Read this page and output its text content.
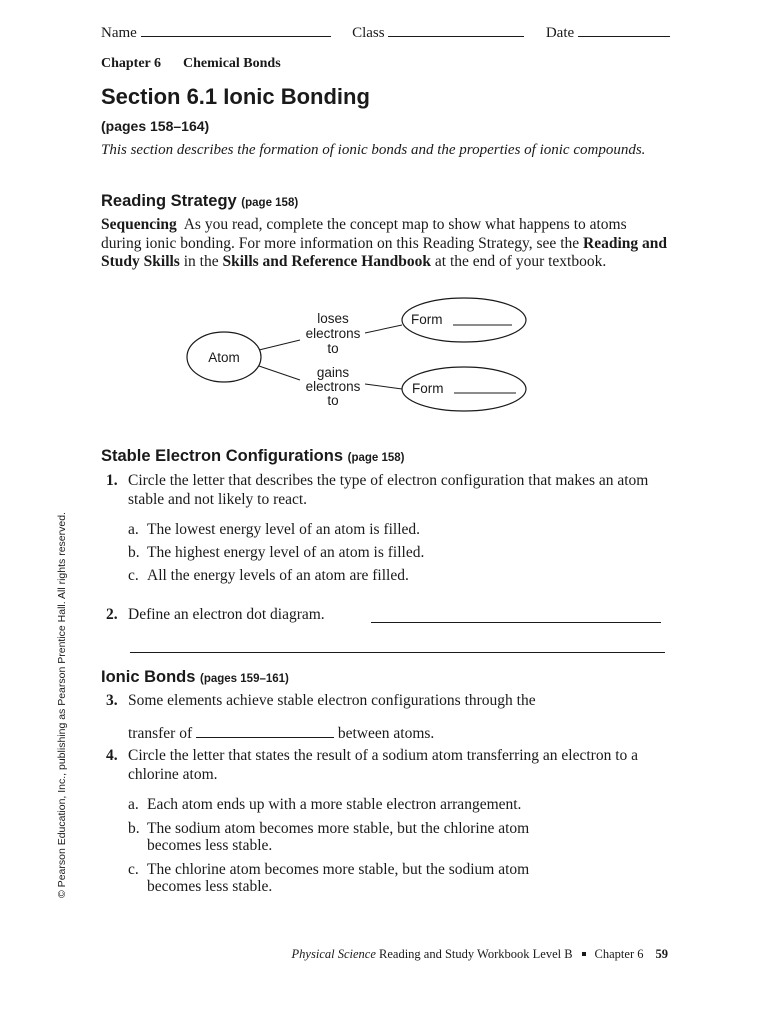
Name	Class	Date
Chapter 6 Chemical Bonds
Section 6.1 Ionic Bonding
(pages 158–164)
This section describes the formation of ionic bonds and the properties of ionic compounds.
Reading Strategy (page 158)
Sequencing As you read, complete the concept map to show what happens to atoms during ionic bonding. For more information on this Reading Strategy, see the Reading and Study Skills in the Skills and Reference Handbook at the end of your textbook.
Atom
loses
electrons
to
gains
electrons
to
Form
Form
Stable Electron Configurations (page 158)
1. Circle the letter that describes the type of electron configuration that makes an atom stable and not likely to react.
a. The lowest energy level of an atom is filled.
b. The highest energy level of an atom is filled.
c. All the energy levels of an atom are filled.
2. Define an electron dot diagram.
Ionic Bonds (pages 159–161)
3. Some elements achieve stable electron configurations through the
transfer of	between atoms.
4. Circle the letter that states the result of a sodium atom transferring an electron to a chlorine atom.
a. Each atom ends up with a more stable electron arrangement.
b. The sodium atom becomes more stable, but the chlorine atom
becomes less stable.
c. The chlorine atom becomes more stable, but the sodium atom
becomes less stable.
© Pearson Education, Inc., publishing as Pearson Prentice Hall. All rights reserved.
Physical Science Reading and Study Workbook Level B Chapter 6 59
